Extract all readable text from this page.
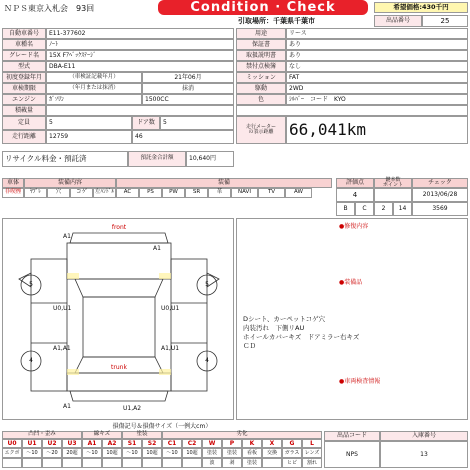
ＮＰＳ東京入札会　93回	Condition · Check	希望価格:430千円
引取場所：千葉県千葉市	出品番号	25
自動車番号	E11-377602
車種名	ﾉｰﾄ
グレード名	15X Fｱﾍﾞｯｸｽﾃｰｼﾞ
型式	DBA-E11
初度登録年月	（車検証記載年月）	21年06月
車検期限	（年月または抹消）	抹消
エンジン	ｶﾞｿﾘﾝ	1500CC
積載量
定員	5	ドア数	5
走行距離	12759	46
用途	リース
保証書	あり
取扱説明書	あり
禁付点検簿	なし
ミッション	FAT
駆動	2WD
色	ｼﾙﾊﾞｰ　コード　KYO
走行メーター
の表示距離 66,041km
リサイクル料金・預託済	預託金合計額	10,640円
車体	装備内容	装備
非喫煙	ﾔﾌﾟﾚ	穴	コゲ	左ﾊﾝﾄﾞﾙ	AC	PS	PW	SR	革	NAVI	TV	AW
評価点	鍵本数
ポイント	チェック
4	2013/06/28
B	C	2	14	3569
front
trunk
A1
A1
U0,U1	U0,U1
A1,A1	A1,U1
A1	U1,A2
5	5
4	4
●修復内容
●装備品
Dシート、カーペットコゲ穴
内装汚れ　下側リAU
ホイールカバーキズ　ドアミラー右キズ
ＣＤ
●車両検査情報
損傷記号＆損傷サイズ（一例大cm）
凸凹・歪み	線キズ	塗装	劣化
U0	U1	U2	U3	A1	A2	S1	S2	C1	C2	W	P	K	X	G	L
エクボ	～10	～20	20超	～10	10超	～10	10超	～10	10超	塗装	塗装	看板	交換	ガラス	レンズ
波	剥	塗装	ヒビ	割れ
出品コード
NPS
入庫番号
13
